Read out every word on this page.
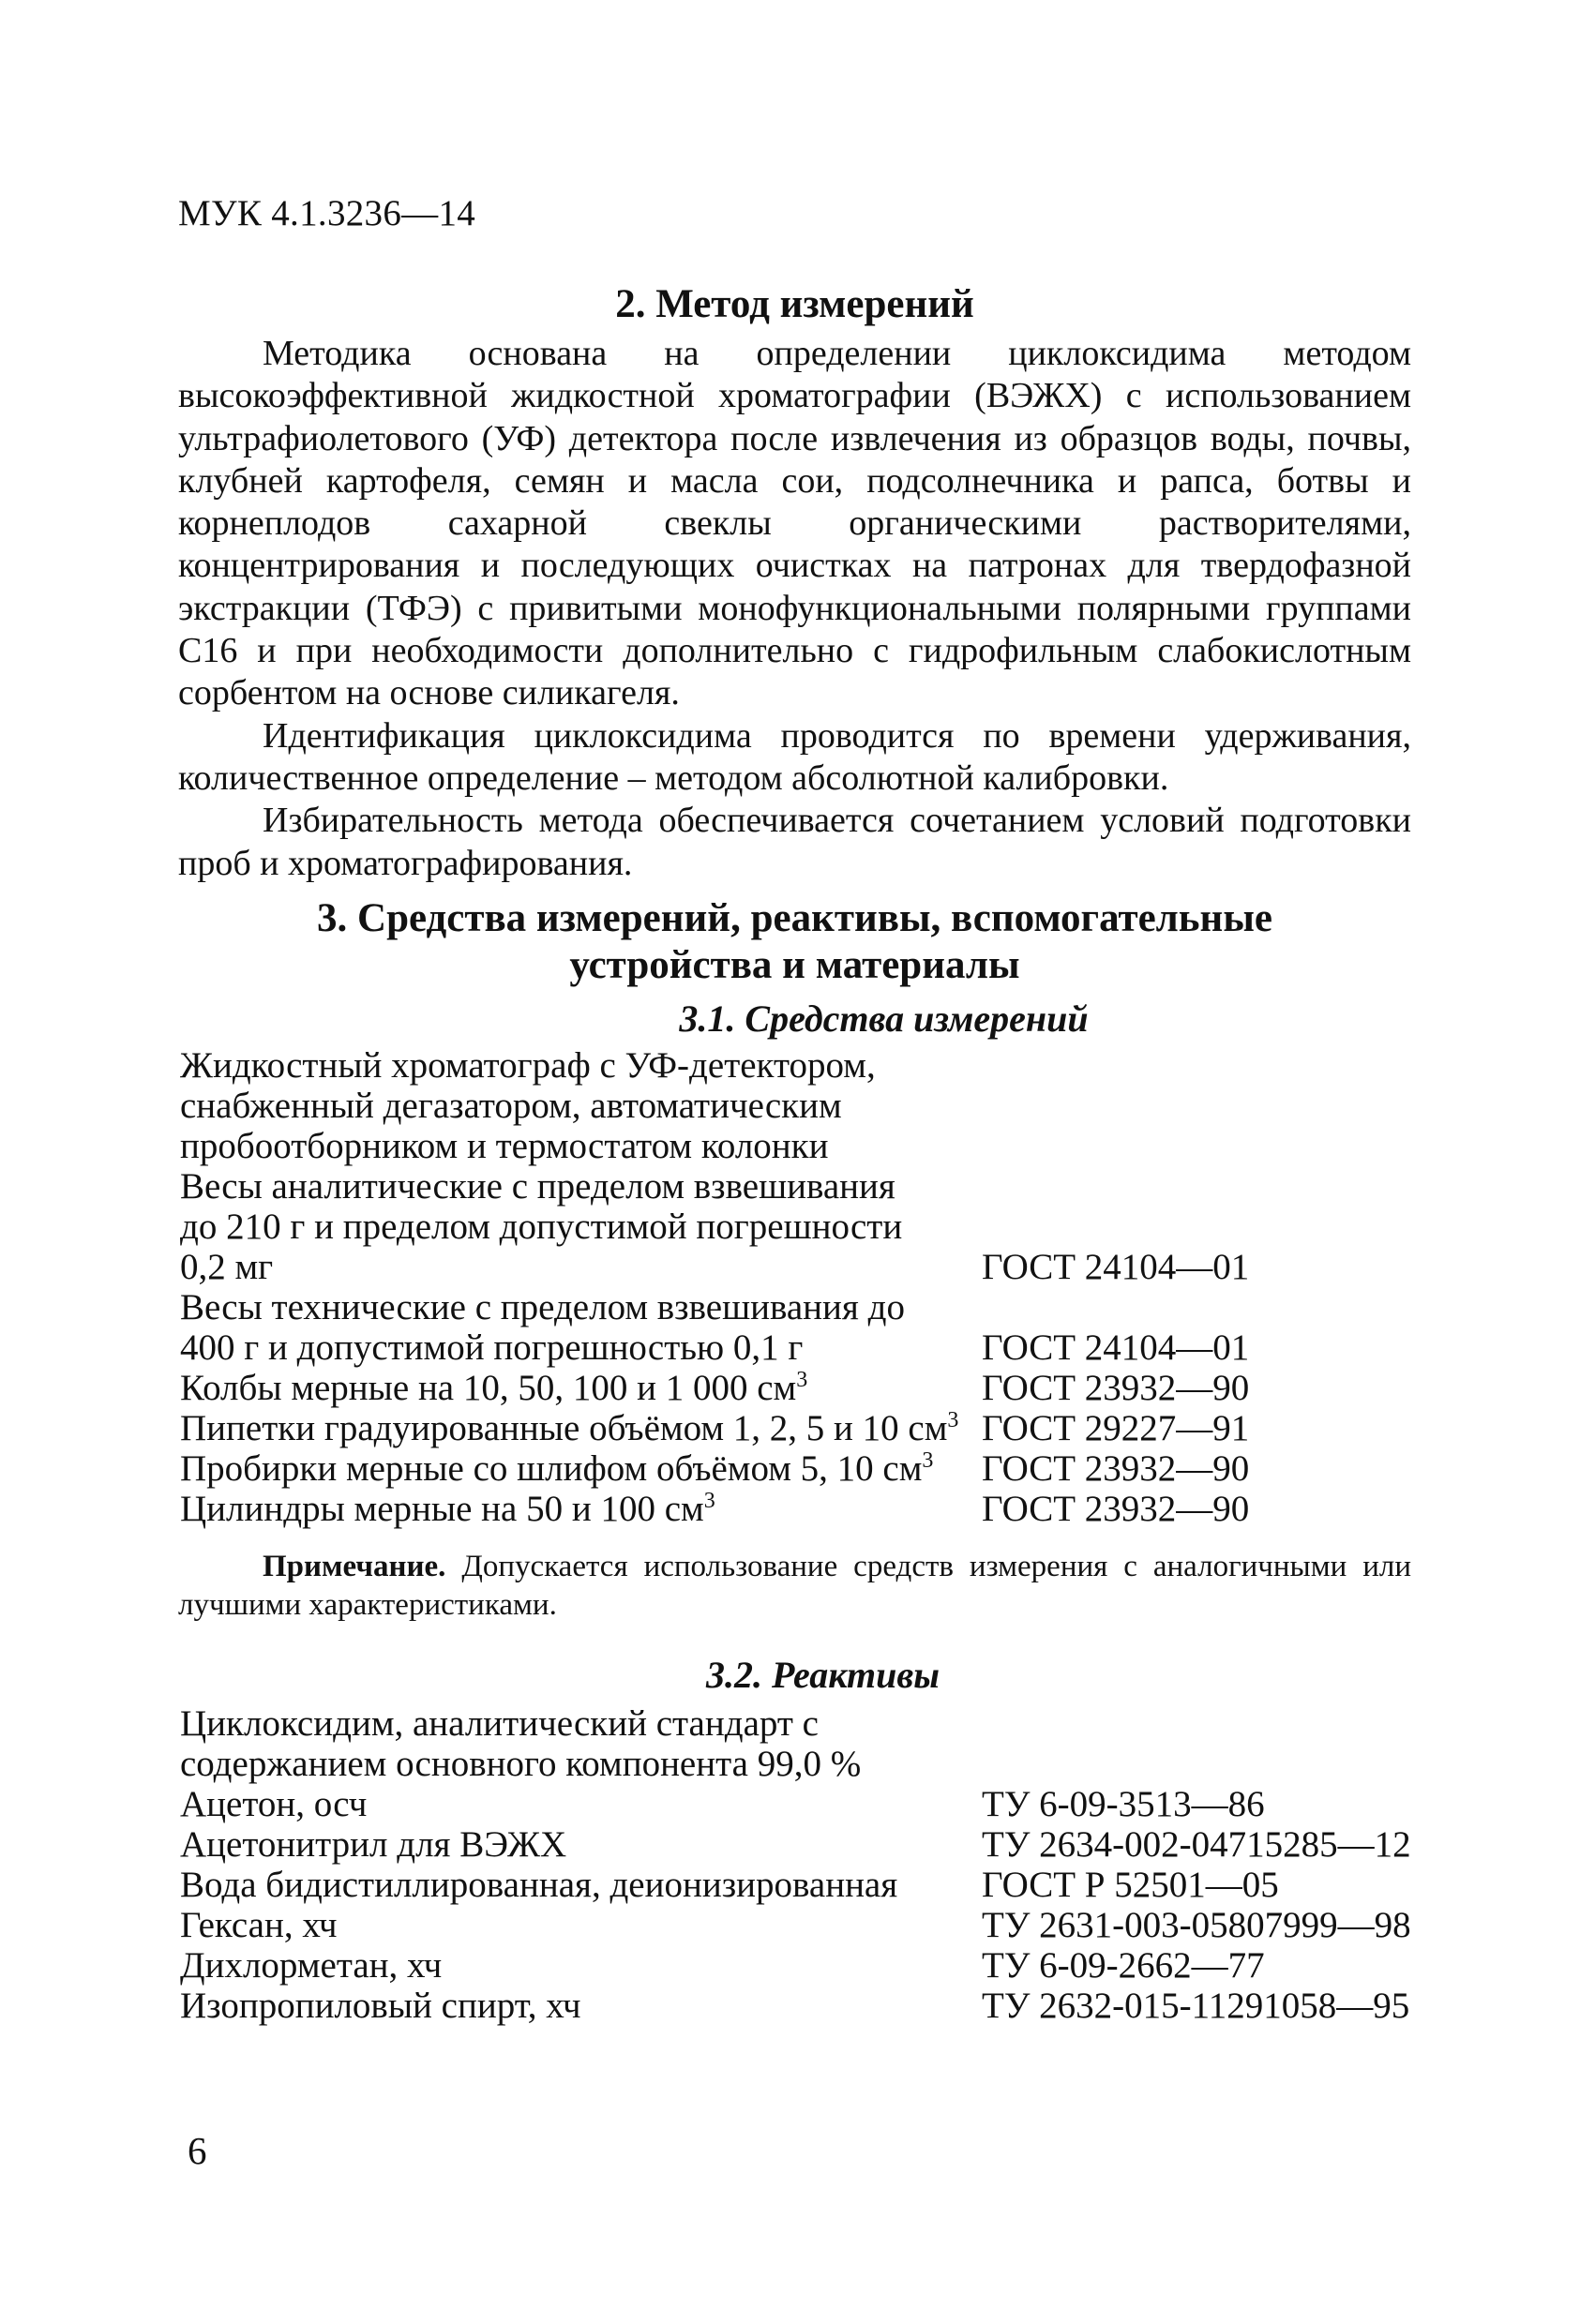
МУК 4.1.3236—14
2. Метод измерений

Методика основана на определении циклоксидима методом высокоэффективной жидкостной хроматографии (ВЭЖХ) с использованием ультрафиолетового (УФ) детектора после извлечения из образцов воды, почвы, клубней картофеля, семян и масла сои, подсолнечника и рапса, ботвы и корнеплодов сахарной свеклы органическими растворителями, концентрирования и последующих очистках на патронах для твердофазной экстракции (ТФЭ) с привитыми монофункциональными полярными группами С16 и при необходимости дополнительно с гидрофильным слабокислотным сорбентом на основе силикагеля.

Идентификация циклоксидима проводится по времени удерживания, количественное определение – методом абсолютной калибровки.

Избирательность метода обеспечивается сочетанием условий подготовки проб и хроматографирования.

3. Средства измерений, реактивы, вспомогательные
устройства и материалы
3.1. Средства измерений
Жидкостный хроматограф с УФ-детектором,
снабженный дегазатором, автоматическим
пробоотборником и термостатом колонки
Весы аналитические с пределом взвешивания
до 210 г и пределом допустимой погрешности
0,2 мг	ГОСТ 24104—01
Весы технические с пределом взвешивания до
400 г и допустимой погрешностью 0,1 г	ГОСТ 24104—01
Колбы мерные на 10, 50, 100 и 1 000 $см^3$	ГОСТ 23932—90
Пипетки градуированные объёмом 1, 2, 5 и 10 $см^3$ ГОСТ 29227—91
Пробирки мерные со шлифом объёмом 5, 10 $см^3$	ГОСТ 23932—90
Цилиндры мерные на 50 и 100 $см^3$	ГОСТ 23932—90

Примечание. Допускается использование средств измерения с аналогичными или лучшими характеристиками.

3.2. Реактивы
Циклоксидим, аналитический стандарт с
содержанием основного компонента 99,0 %
Ацетон, осч	ТУ 6-09-3513—86
Ацетонитрил для ВЭЖХ	ТУ 2634-002-04715285—12
Вода бидистиллированная, деионизированная	ГОСТ Р 52501—05
Гексан, хч	ТУ 2631-003-05807999—98
Дихлорметан, хч	ТУ 6-09-2662—77
Изопропиловый спирт, хч	ТУ 2632-015-11291058—95
6
